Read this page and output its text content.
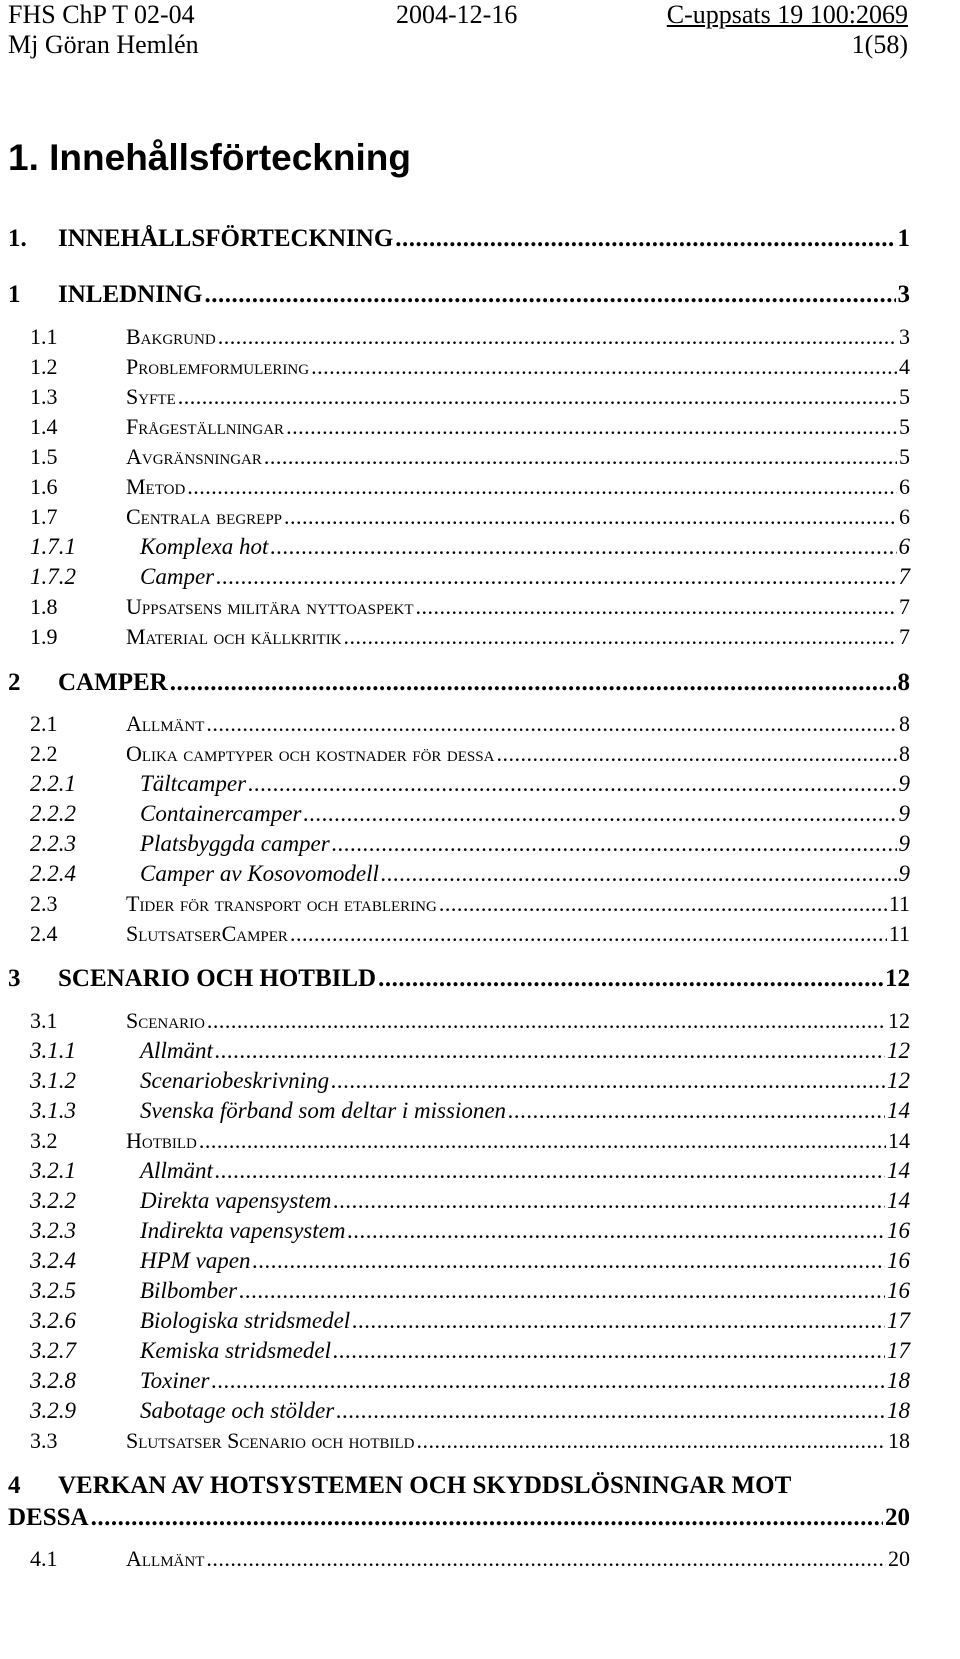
FHS ChP T 02-04	2004-12-16	C-uppsats 19 100:2069
Mj Göran Hemlén	1(58)
1. Innehållsförteckning
1.	INNEHÅLLSFÖRTECKNING .....	1
1	INLEDNING .....	3
1.1	Bakgrund .....	3
1.2	Problemformulering .....	4
1.3	Syfte .....	5
1.4	Frågeställningar .....	5
1.5	Avgränsningar .....	5
1.6	Metod .....	6
1.7	Centrala begrepp .....	6
1.7.1	Komplexa hot .....	6
1.7.2	Camper .....	7
1.8	Uppsatsens militära nyttoaspekt .....	7
1.9	Material och källkritik .....	7
2	CAMPER .....	8
2.1	Allmänt .....	8
2.2	Olika camptyper och kostnader för dessa .....	8
2.2.1	Tältcamper .....	9
2.2.2	Containercamper .....	9
2.2.3	Platsbyggda camper .....	9
2.2.4	Camper av Kosovomodell .....	9
2.3	Tider för transport och etablering .....	11
2.4	SlutsatserCamper .....	11
3	SCENARIO OCH HOTBILD .....	12
3.1	Scenario .....	12
3.1.1	Allmänt .....	12
3.1.2	Scenariobeskrivning .....	12
3.1.3	Svenska förband som deltar i missionen .....	14
3.2	Hotbild .....	14
3.2.1	Allmänt .....	14
3.2.2	Direkta vapensystem .....	14
3.2.3	Indirekta vapensystem .....	16
3.2.4	HPM vapen .....	16
3.2.5	Bilbomber .....	16
3.2.6	Biologiska stridsmedel .....	17
3.2.7	Kemiska stridsmedel .....	17
3.2.8	Toxiner .....	18
3.2.9	Sabotage och stölder .....	18
3.3	Slutsatser Scenario och hotbild .....	18
4	VERKAN AV HOTSYSTEMEN OCH SKYDDSLÖSNINGAR MOT
DESSA .....	20
4.1	Allmänt .....	20
